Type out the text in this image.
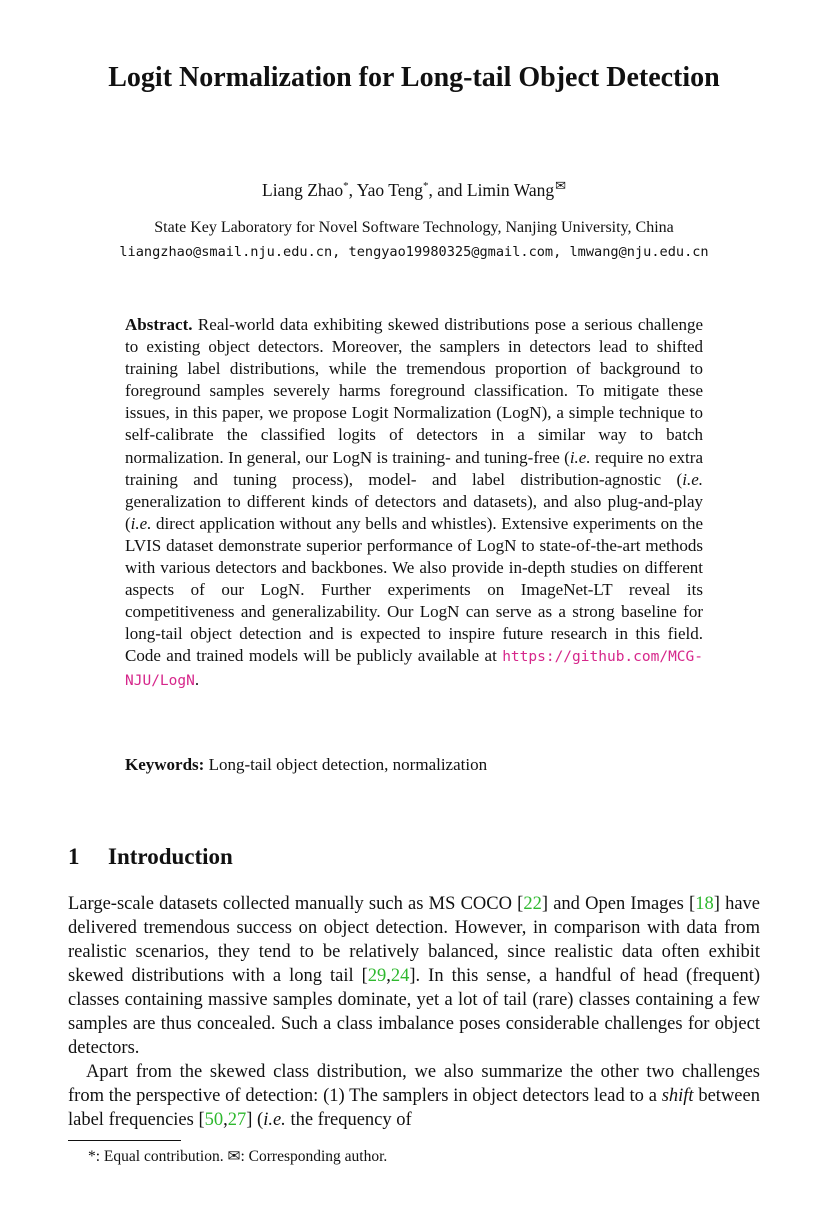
Logit Normalization for Long-tail Object Detection
Liang Zhao*, Yao Teng*, and Limin Wang✉
State Key Laboratory for Novel Software Technology, Nanjing University, China
liangzhao@smail.nju.edu.cn, tengyao19980325@gmail.com, lmwang@nju.edu.cn
Abstract. Real-world data exhibiting skewed distributions pose a serious challenge to existing object detectors. Moreover, the samplers in detectors lead to shifted training label distributions, while the tremendous proportion of background to foreground samples severely harms foreground classification. To mitigate these issues, in this paper, we propose Logit Normalization (LogN), a simple technique to self-calibrate the classified logits of detectors in a similar way to batch normalization. In general, our LogN is training- and tuning-free (i.e. require no extra training and tuning process), model- and label distribution-agnostic (i.e. generalization to different kinds of detectors and datasets), and also plug-and-play (i.e. direct application without any bells and whistles). Extensive experiments on the LVIS dataset demonstrate superior performance of LogN to state-of-the-art methods with various detectors and backbones. We also provide in-depth studies on different aspects of our LogN. Further experiments on ImageNet-LT reveal its competitiveness and generalizability. Our LogN can serve as a strong baseline for long-tail object detection and is expected to inspire future research in this field. Code and trained models will be publicly available at https://github.com/MCG-NJU/LogN.
Keywords: Long-tail object detection, normalization
1 Introduction

Large-scale datasets collected manually such as MS COCO [22] and Open Images [18] have delivered tremendous success on object detection. However, in comparison with data from realistic scenarios, they tend to be relatively balanced, since realistic data often exhibit skewed distributions with a long tail [29,24]. In this sense, a handful of head (frequent) classes containing massive samples dominate, yet a lot of tail (rare) classes containing a few samples are thus concealed. Such a class imbalance poses considerable challenges for object detectors.

Apart from the skewed class distribution, we also summarize the other two challenges from the perspective of detection: (1) The samplers in object detectors lead to a shift between label frequencies [50,27] (i.e. the frequency of

*: Equal contribution. ✉: Corresponding author.
